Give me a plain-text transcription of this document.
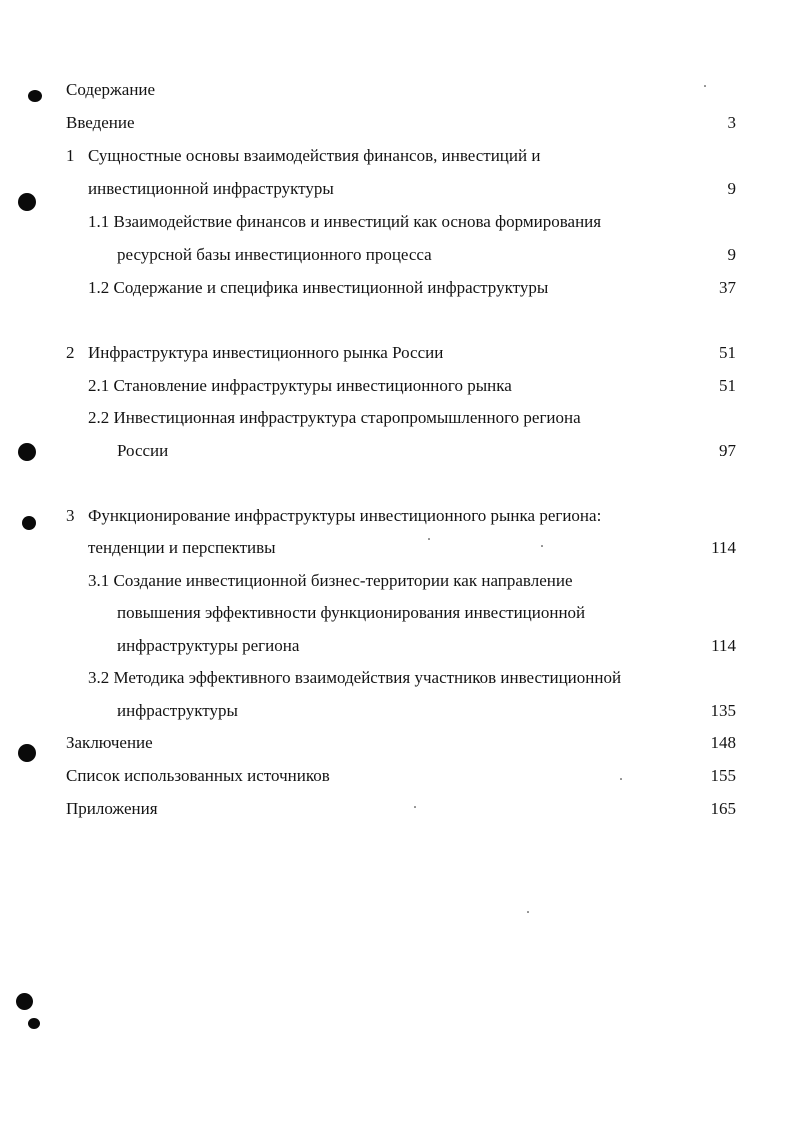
Содержание
Введение	3
1 Сущностные основы взаимодействия финансов, инвестиций и
инвестиционной инфраструктуры	9
1.1 Взаимодействие финансов и инвестиций как основа формирования
ресурсной базы инвестиционного процесса	9
1.2 Содержание и специфика инвестиционной инфраструктуры	37
2 Инфраструктура инвестиционного рынка России	51
2.1 Становление инфраструктуры инвестиционного рынка	51
2.2 Инвестиционная инфраструктура старопромышленного региона
России	97
3 Функционирование инфраструктуры инвестиционного рынка региона:
тенденции и перспективы	114
3.1 Создание инвестиционной бизнес-территории как направление
повышения эффективности функционирования инвестиционной
инфраструктуры региона	114
3.2 Методика эффективного взаимодействия участников инвестиционной
инфраструктуры	135
Заключение	148
Список использованных источников	155
Приложения	165
